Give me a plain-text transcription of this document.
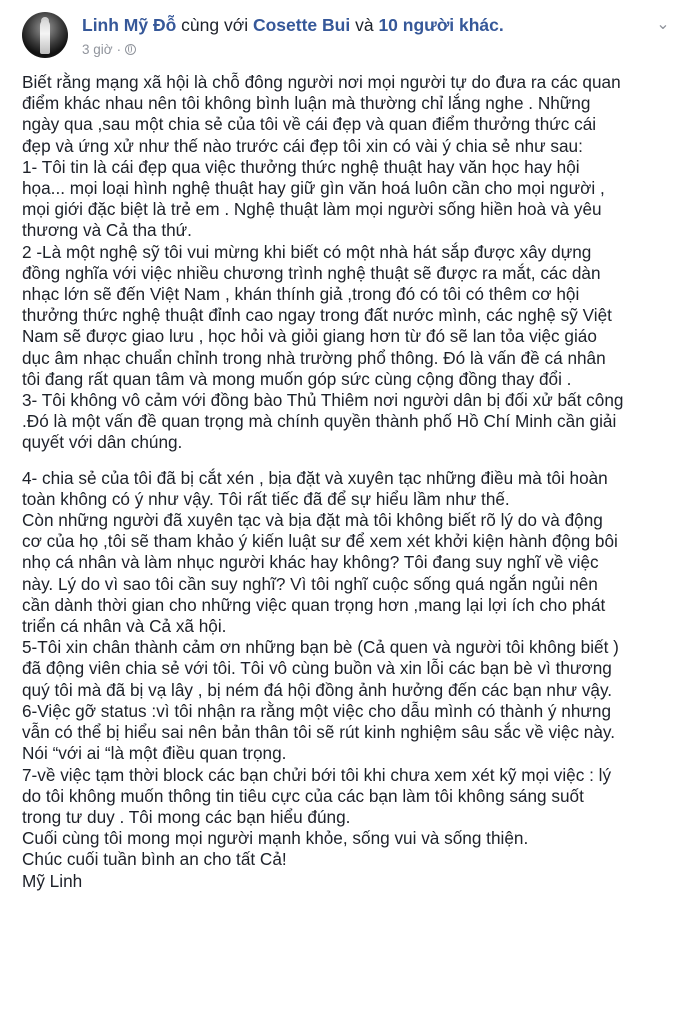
Linh Mỹ Đỗ cùng với Cosette Bui và 10 người khác.
3 giờ ·
⌄

Biết rằng mạng xã hội là chỗ đông người nơi mọi người tự do đưa ra các quan

điểm khác nhau nên tôi không bình luận mà thường chỉ lắng nghe . Những

ngày qua ,sau một chia sẻ của tôi về cái đẹp và quan điểm thưởng thức cái

đẹp và ứng xử như thế nào trước cái đẹp tôi xin có vài ý chia sẻ như sau:

1- Tôi tin là cái đẹp qua việc thưởng thức nghệ thuật hay văn học hay hội

họa... mọi loại hình nghệ thuật hay giữ gìn văn hoá luôn cần cho mọi người ,

mọi giới đặc biệt là trẻ em . Nghệ thuật làm mọi người sống hiền hoà và yêu

thương và Cả tha thứ.

2 -Là một nghệ sỹ tôi vui mừng khi biết có một nhà hát sắp được xây dựng

đồng nghĩa với việc nhiều chương trình nghệ thuật sẽ được ra mắt, các dàn

nhạc lớn sẽ đến Việt Nam , khán thính giả ,trong đó có tôi có thêm cơ hội

thưởng thức nghệ thuật đỉnh cao ngay trong đất nước mình, các nghệ sỹ Việt

Nam sẽ được giao lưu , học hỏi và giỏi giang hơn từ đó sẽ lan tỏa việc giáo

dục âm nhạc chuẩn chỉnh trong nhà trường phổ thông. Đó là vấn đề cá nhân

tôi đang rất quan tâm và mong muốn góp sức cùng cộng đồng thay đổi .

3- Tôi không vô cảm với đồng bào Thủ Thiêm nơi người dân bị đối xử bất công

.Đó là một vấn đề quan trọng mà chính quyền thành phố Hồ Chí Minh cần giải

quyết với dân chúng.

4- chia sẻ của tôi đã bị cắt xén , bịa đặt và xuyên tạc những điều mà tôi hoàn

toàn không có ý như vậy. Tôi rất tiếc đã để sự hiểu lầm như thế.

Còn những người đã xuyên tạc và bịa đặt mà tôi không biết rõ lý do và động

cơ của họ ,tôi sẽ tham khảo ý kiến luật sư để xem xét khởi kiện hành động bôi

nhọ cá nhân và làm nhục người khác hay không? Tôi đang suy nghĩ về việc

này. Lý do vì sao tôi cần suy nghĩ? Vì tôi nghĩ cuộc sống quá ngắn ngủi nên

cần dành thời gian cho những việc quan trọng hơn ,mang lại lợi ích cho phát

triển cá nhân và Cả xã hội.

5-Tôi xin chân thành cảm ơn những bạn bè (Cả quen và người tôi không biết )

đã động viên chia sẻ với tôi. Tôi vô cùng buồn và xin lỗi các bạn bè vì thương

quý tôi mà đã bị vạ lây , bị ném đá hội đồng ảnh hưởng đến các bạn như vậy.

6-Việc gỡ status :vì tôi nhận ra rằng một việc cho dẫu mình có thành ý nhưng

vẫn có thể bị hiểu sai nên bản thân tôi sẽ rút kinh nghiệm sâu sắc về việc này.

Nói “với ai “là một điều quan trọng.

7-về việc tạm thời block các bạn chửi bới tôi khi chưa xem xét kỹ mọi việc : lý

do tôi không muốn thông tin tiêu cực của các bạn làm tôi không sáng suốt

trong tư duy . Tôi mong các bạn hiểu đúng.

Cuối cùng tôi mong mọi người mạnh khỏe, sống vui và sống thiện.

Chúc cuối tuần bình an cho tất Cả!

Mỹ Linh
